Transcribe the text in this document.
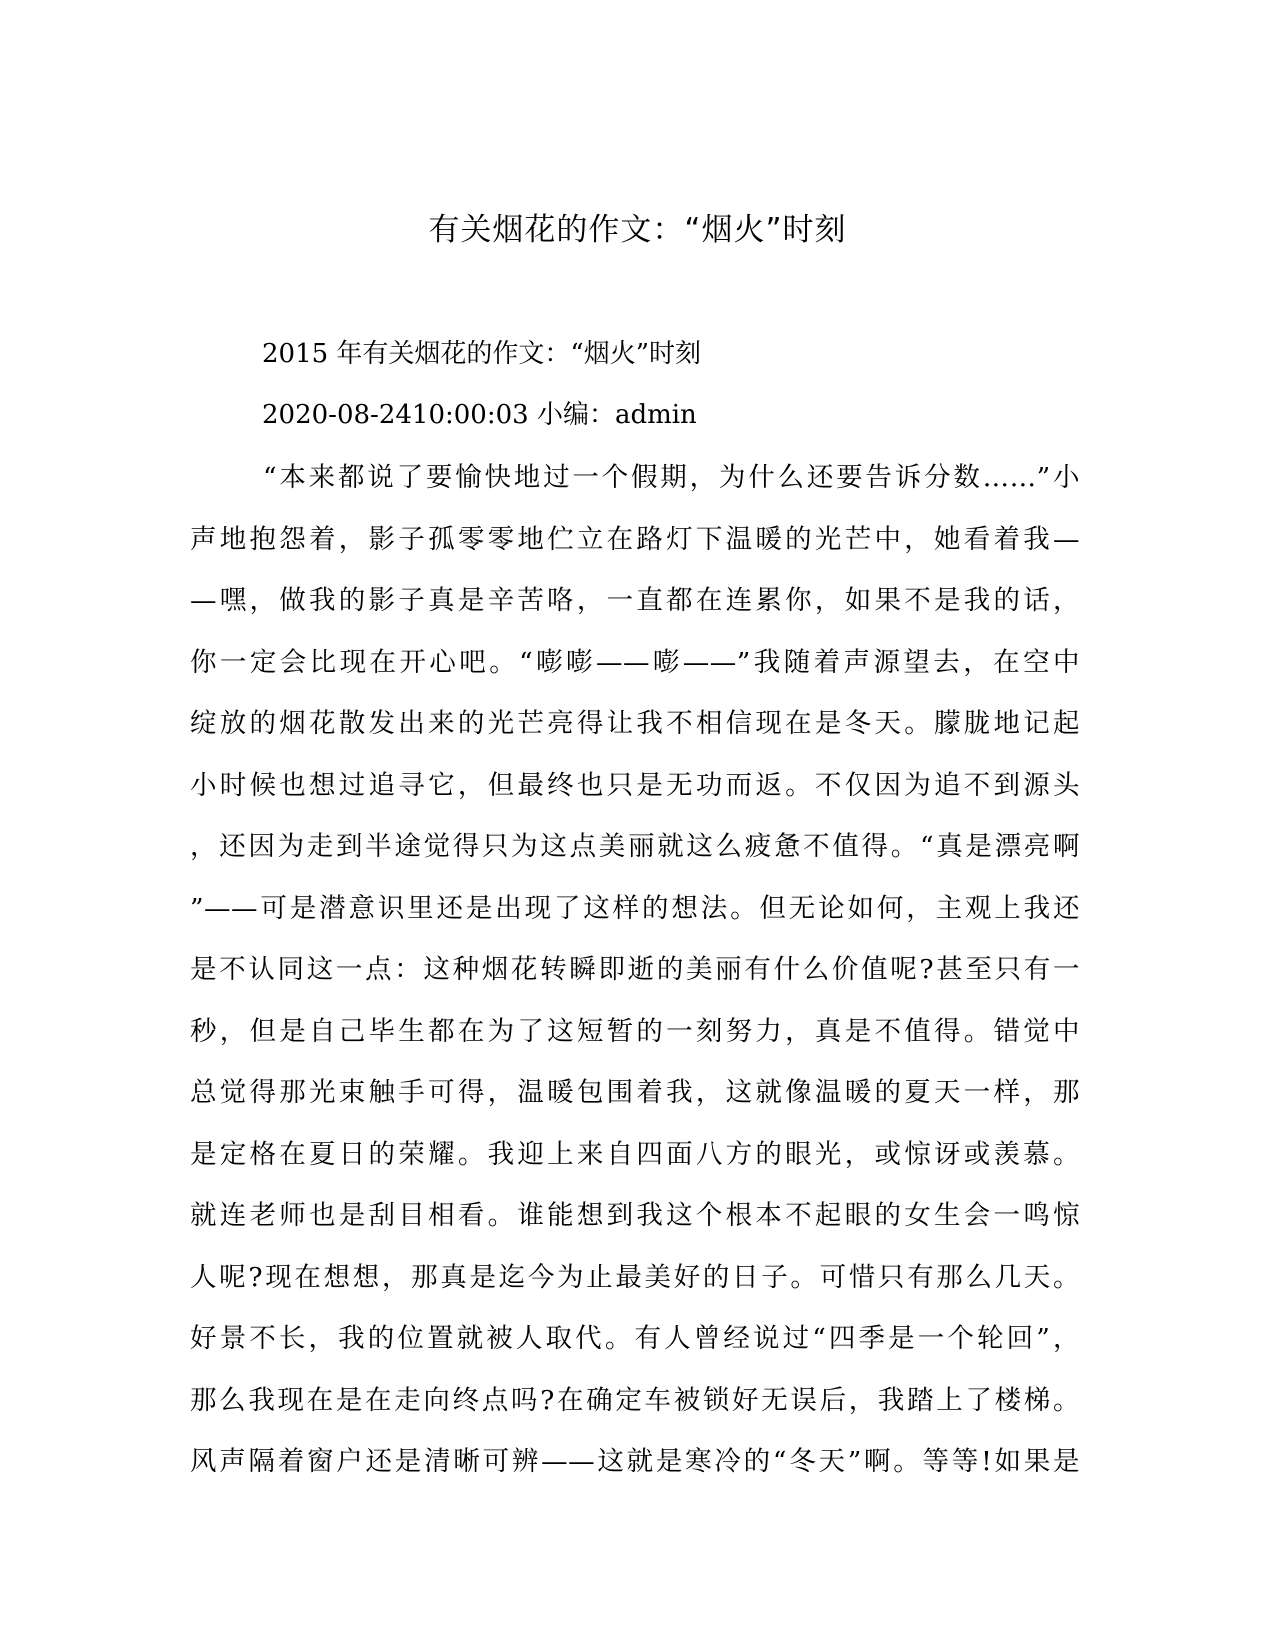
有关烟花的作文：“烟火”时刻

2015 年有关烟花的作文：“烟火”时刻

2020-08-2410:00:03 小编：admin

“本来都说了要愉快地过一个假期，为什么还要告诉分数……”小
声地抱怨着，影子孤零零地伫立在路灯下温暖的光芒中，她看着我—
—嘿，做我的影子真是辛苦咯，一直都在连累你，如果不是我的话，
你一定会比现在开心吧。“嘭嘭——嘭——”我随着声源望去，在空中
绽放的烟花散发出来的光芒亮得让我不相信现在是冬天。朦胧地记起
小时候也想过追寻它，但最终也只是无功而返。不仅因为追不到源头
，还因为走到半途觉得只为这点美丽就这么疲惫不值得。“真是漂亮啊
”——可是潜意识里还是出现了这样的想法。但无论如何，主观上我还
是不认同这一点：这种烟花转瞬即逝的美丽有什么价值呢?甚至只有一
秒，但是自己毕生都在为了这短暂的一刻努力，真是不值得。错觉中
总觉得那光束触手可得，温暖包围着我，这就像温暖的夏天一样，那
是定格在夏日的荣耀。我迎上来自四面八方的眼光，或惊讶或羡慕。
就连老师也是刮目相看。谁能想到我这个根本不起眼的女生会一鸣惊
人呢?现在想想，那真是迄今为止最美好的日子。可惜只有那么几天。
好景不长，我的位置就被人取代。有人曾经说过“四季是一个轮回”，
那么我现在是在走向终点吗?在确定车被锁好无误后，我踏上了楼梯。
风声隔着窗户还是清晰可辨——这就是寒冷的“冬天”啊。等等!如果是
